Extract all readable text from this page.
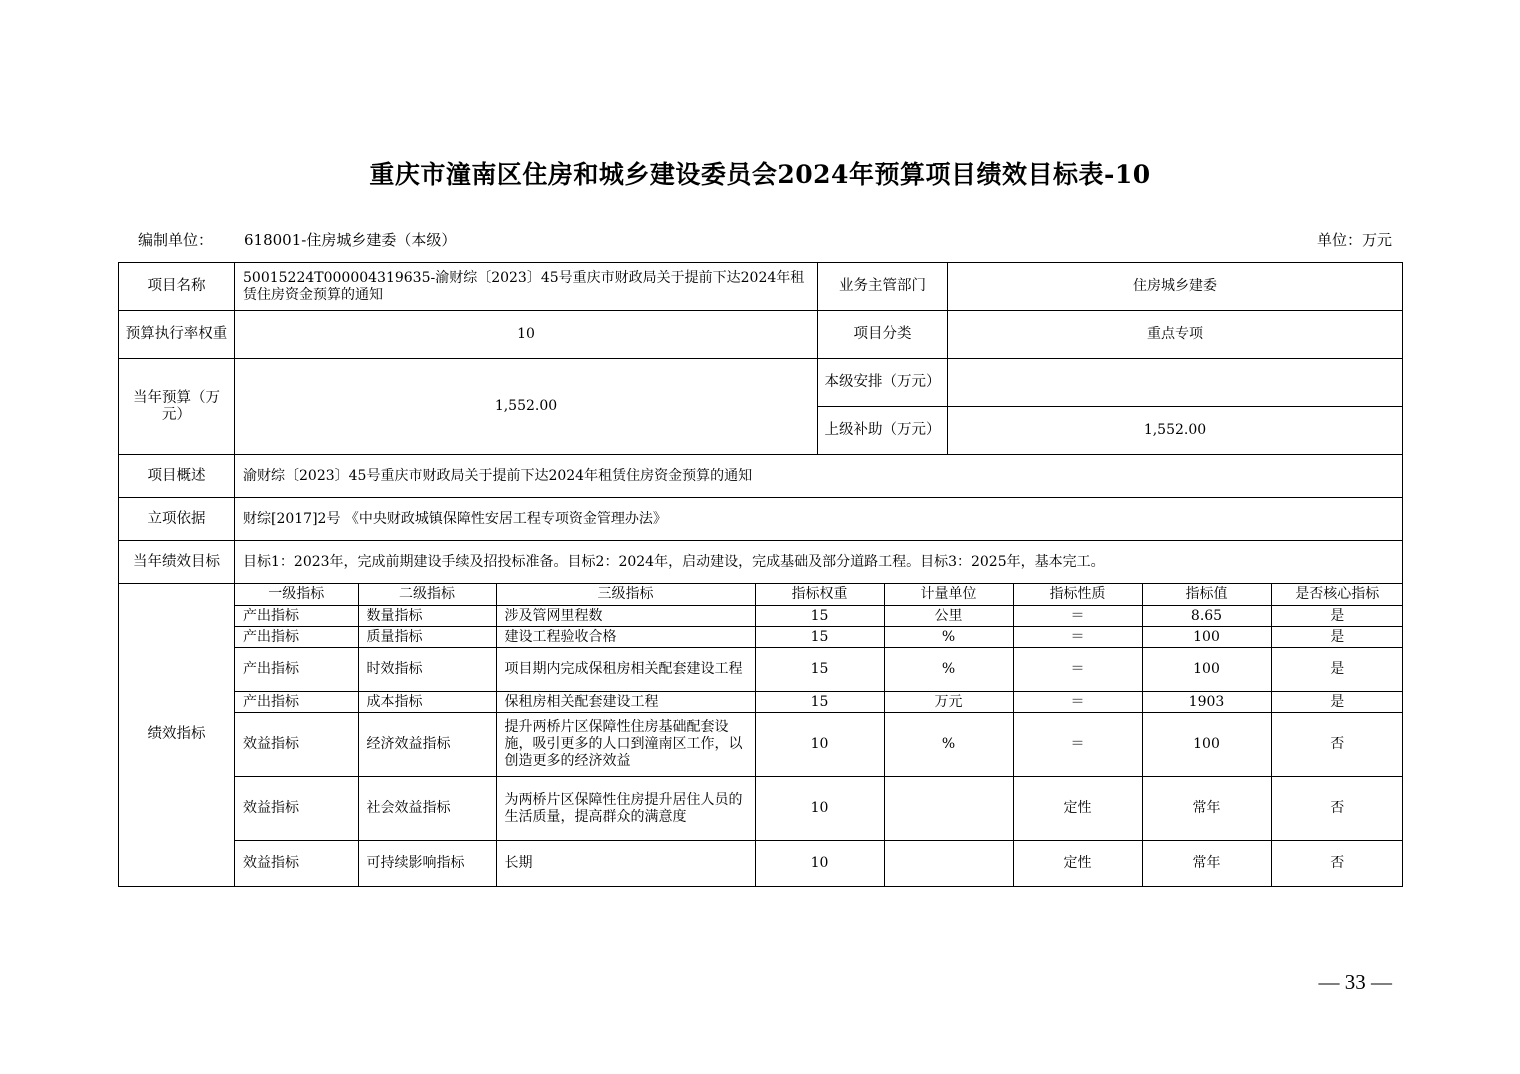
重庆市潼南区住房和城乡建设委员会2024年预算项目绩效目标表-10
编制单位： 618001-住房城乡建委（本级）	单位：万元
项目名称	50015224T000004319635-渝财综〔2023〕45号重庆市财政局关于提前下达2024年租赁住房资金预算的通知	业务主管部门	住房城乡建委
预算执行率权重	10	项目分类	重点专项
当年预算（万元）	1,552.00	本级安排（万元）	
上级补助（万元）	1,552.00
项目概述	渝财综〔2023〕45号重庆市财政局关于提前下达2024年租赁住房资金预算的通知
立项依据	财综[2017]2号 《中央财政城镇保障性安居工程专项资金管理办法》
当年绩效目标	目标1：2023年，完成前期建设手续及招投标准备。目标2：2024年，启动建设，完成基础及部分道路工程。目标3：2025年，基本完工。
绩效指标	
一级指标	二级指标	三级指标	指标权重	计量单位	指标性质	指标值	是否核心指标
产出指标	数量指标	涉及管网里程数	15	公里	＝	8.65	是
产出指标	质量指标	建设工程验收合格	15	%	＝	100	是
产出指标	时效指标	项目期内完成保租房相关配套建设工程	15	%	＝	100	是
产出指标	成本指标	保租房相关配套建设工程	15	万元	＝	1903	是
效益指标	经济效益指标	提升两桥片区保障性住房基础配套设施，吸引更多的人口到潼南区工作，以创造更多的经济效益	10	%	＝	100	否
效益指标	社会效益指标	为两桥片区保障性住房提升居住人员的生活质量，提高群众的满意度	10		定性	常年	否
效益指标	可持续影响指标	长期	10		定性	常年	否
— 33 —
